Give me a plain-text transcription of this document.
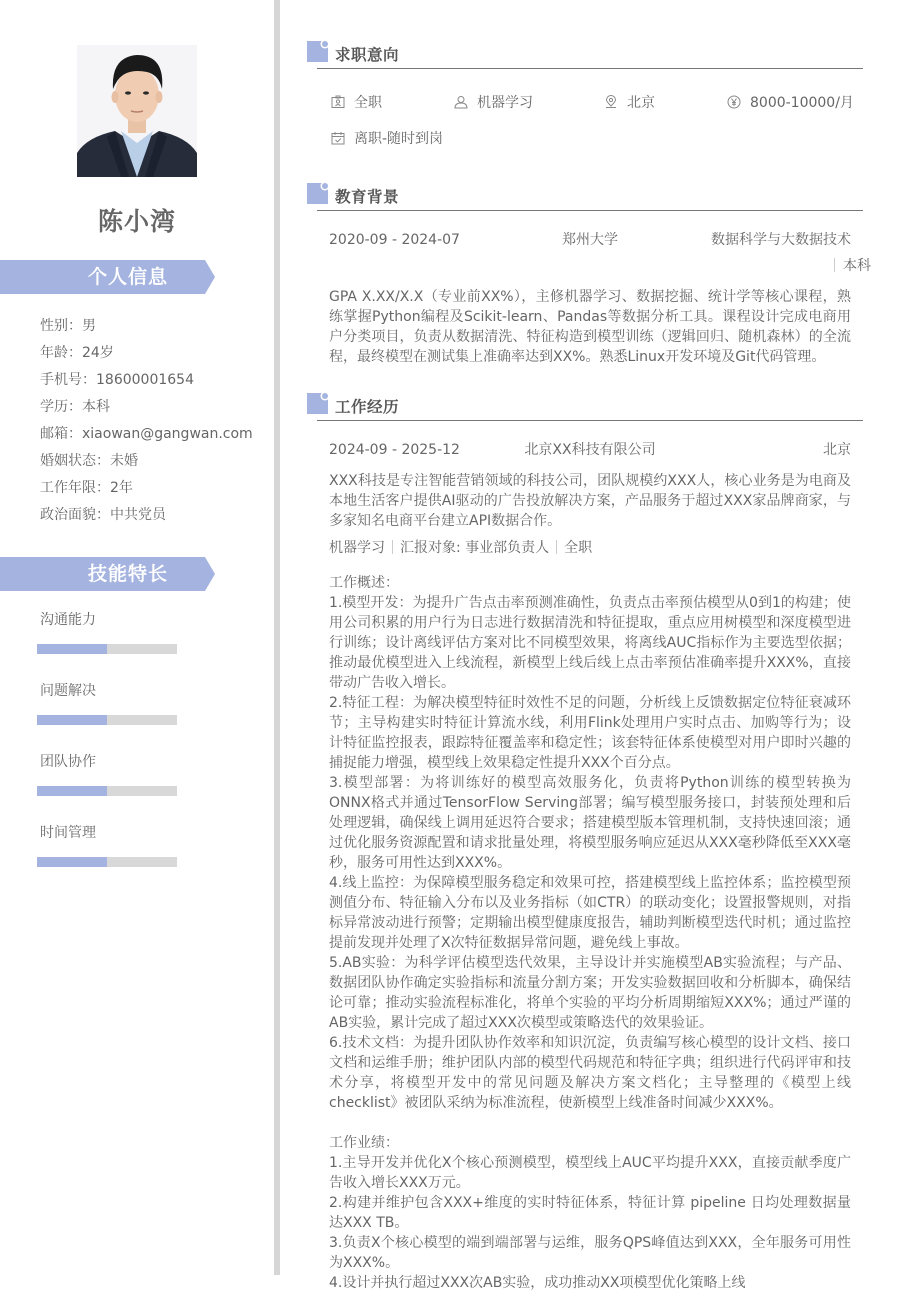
陈小湾
个人信息
性别：男
年龄：24岁
手机号：18600001654
学历：本科
邮箱：xiaowan@gangwan.com
婚姻状态：未婚
工作年限：2年
政治面貌：中共党员
技能特长
沟通能力
问题解决
团队协作
时间管理
求职意向
全职	机器学习	北京	8000-10000/月
离职-随时到岗
教育背景
2020-09 - 2024-07	郑州大学	数据科学与大数据技术
本科
GPA X.XX/X.X（专业前XX%），主修机器学习、数据挖掘、统计学等核心课程，熟练掌握Python编程及Scikit-learn、Pandas等数据分析工具。课程设计完成电商用户分类项目，负责从数据清洗、特征构造到模型训练（逻辑回归、随机森林）的全流程，最终模型在测试集上准确率达到XX%。熟悉Linux开发环境及Git代码管理。
工作经历
2024-09 - 2025-12	北京XX科技有限公司	北京
XXX科技是专注智能营销领域的科技公司，团队规模约XXX人，核心业务是为电商及本地生活客户提供AI驱动的广告投放解决方案，产品服务于超过XXX家品牌商家，与多家知名电商平台建立API数据合作。
机器学习 汇报对象: 事业部负责人 全职

工作概述：

1.模型开发：为提升广告点击率预测准确性，负责点击率预估模型从0到1的构建；使用公司积累的用户行为日志进行数据清洗和特征提取，重点应用树模型和深度模型进行训练；设计离线评估方案对比不同模型效果，将离线AUC指标作为主要选型依据；推动最优模型进入上线流程，新模型上线后线上点击率预估准确率提升XXX%，直接带动广告收入增长。

2.特征工程：为解决模型特征时效性不足的问题，分析线上反馈数据定位特征衰减环节；主导构建实时特征计算流水线，利用Flink处理用户实时点击、加购等行为；设计特征监控报表，跟踪特征覆盖率和稳定性；该套特征体系使模型对用户即时兴趣的捕捉能力增强，模型线上效果稳定性提升XXX个百分点。

3.模型部署：为将训练好的模型高效服务化，负责将Python训练的模型转换为ONNX格式并通过TensorFlow Serving部署；编写模型服务接口，封装预处理和后处理逻辑，确保线上调用延迟符合要求；搭建模型版本管理机制，支持快速回滚；通过优化服务资源配置和请求批量处理，将模型服务响应延迟从XXX毫秒降低至XXX毫秒，服务可用性达到XXX%。

4.线上监控：为保障模型服务稳定和效果可控，搭建模型线上监控体系；监控模型预测值分布、特征输入分布以及业务指标（如CTR）的联动变化；设置报警规则，对指标异常波动进行预警；定期输出模型健康度报告，辅助判断模型迭代时机；通过监控提前发现并处理了X次特征数据异常问题，避免线上事故。

5.AB实验：为科学评估模型迭代效果，主导设计并实施模型AB实验流程；与产品、数据团队协作确定实验指标和流量分割方案；开发实验数据回收和分析脚本，确保结论可靠；推动实验流程标准化，将单个实验的平均分析周期缩短XXX%；通过严谨的AB实验，累计完成了超过XXX次模型或策略迭代的效果验证。

6.技术文档：为提升团队协作效率和知识沉淀，负责编写核心模型的设计文档、接口文档和运维手册；维护团队内部的模型代码规范和特征字典；组织进行代码评审和技术分享，将模型开发中的常见问题及解决方案文档化；主导整理的《模型上线checklist》被团队采纳为标准流程，使新模型上线准备时间减少XXX%。

工作业绩：

1.主导开发并优化X个核心预测模型，模型线上AUC平均提升XXX，直接贡献季度广告收入增长XXX万元。

2.构建并维护包含XXX+维度的实时特征体系，特征计算 pipeline 日均处理数据量达XXX TB。

3.负责X个核心模型的端到端部署与运维，服务QPS峰值达到XXX，全年服务可用性为XXX%。

4.设计并执行超过XXX次AB实验，成功推动XX项模型优化策略上线
